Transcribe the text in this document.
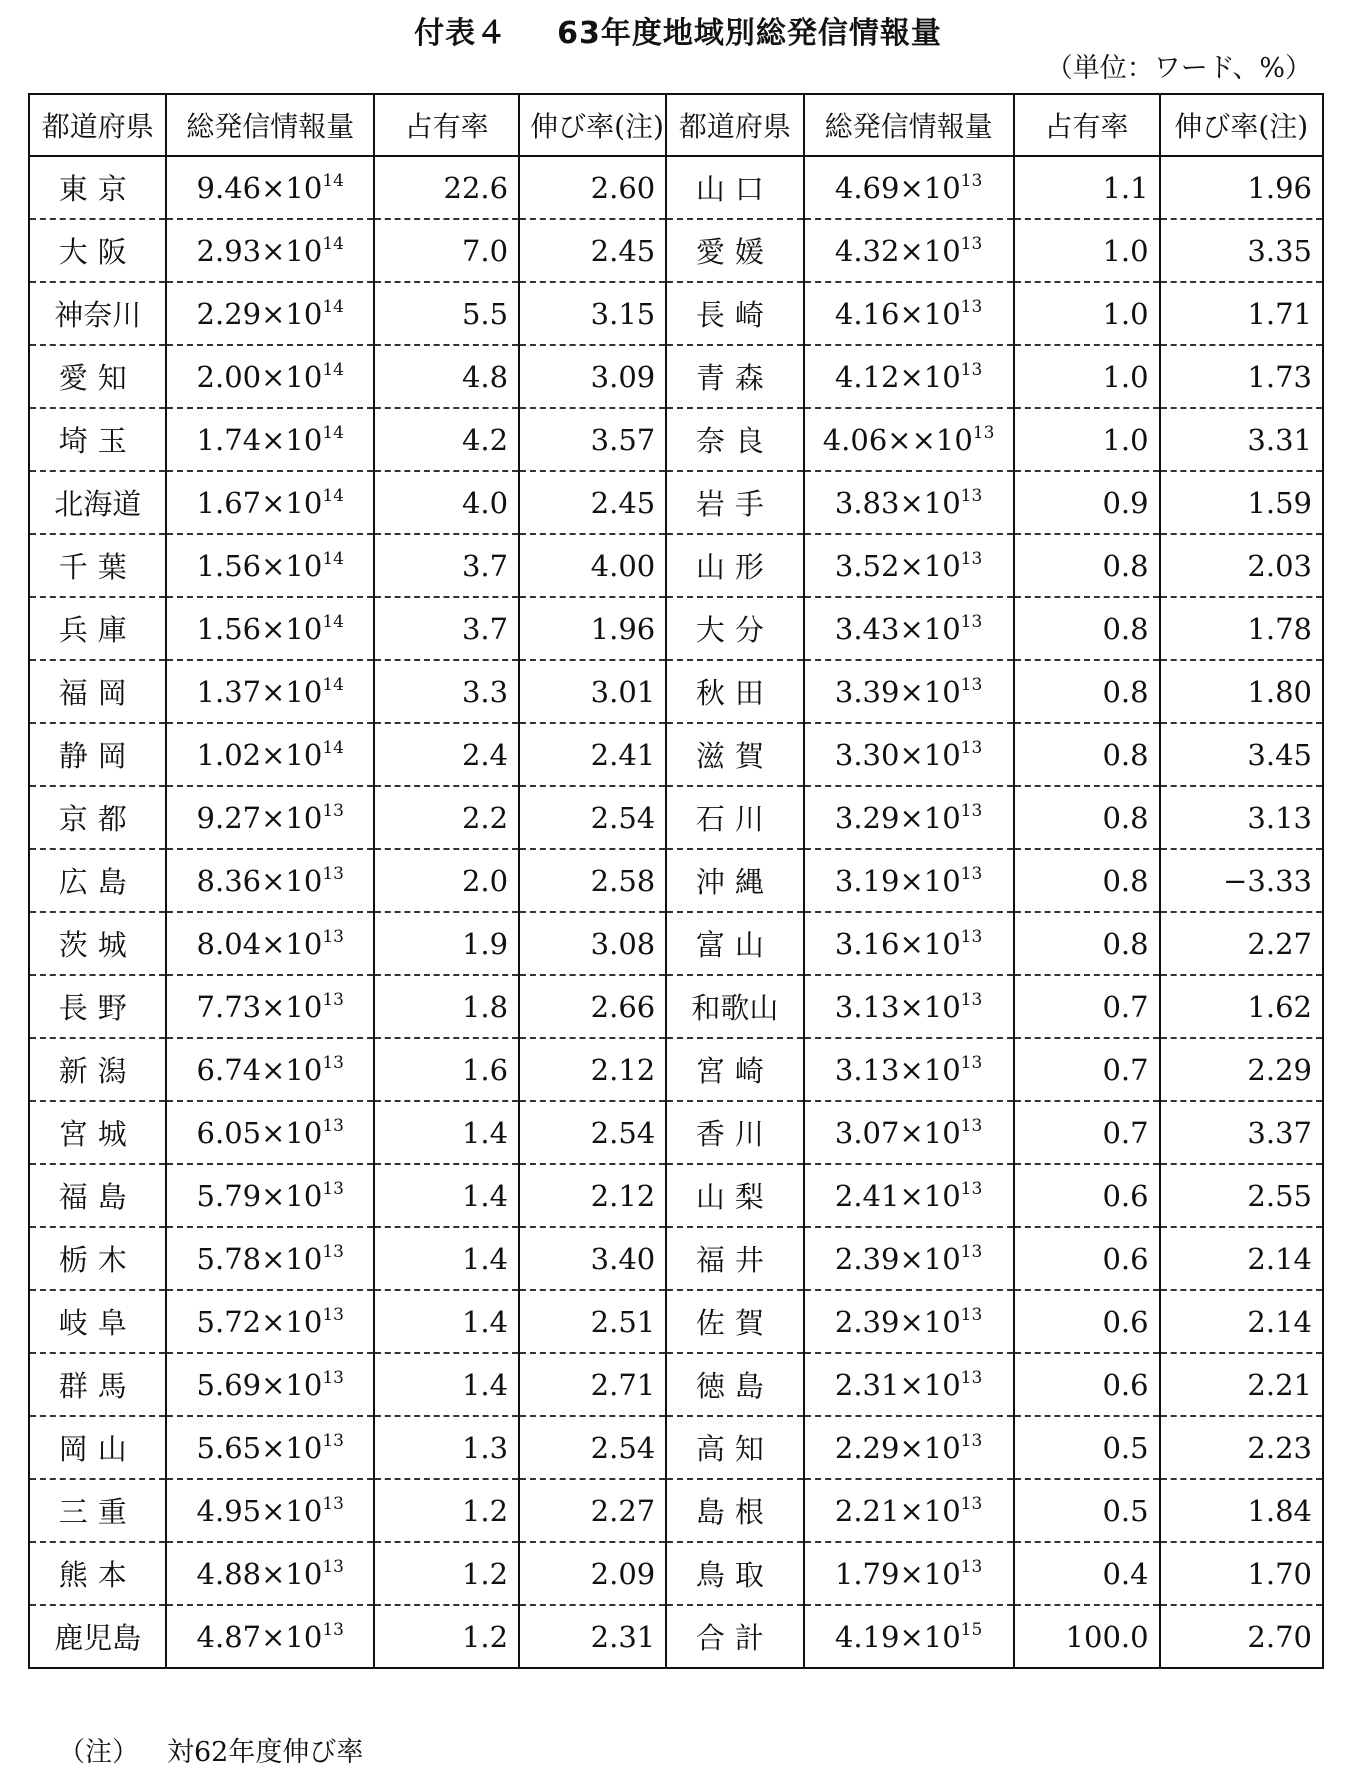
付表４ 63年度地域別総発信情報量
（単位：ワード、%）
都道府県	総発信情報量	占有率	伸び率(注)	都道府県	総発信情報量	占有率	伸び率(注)
東京	$9.46\times 10^{14}$	22.6	2.60	山口	$4.69\times 10^{13}$	1.1	1.96
大阪	$2.93\times 10^{14}$	7.0	2.45	愛媛	$4.32\times 10^{13}$	1.0	3.35
神奈川	$2.29\times 10^{14}$	5.5	3.15	長崎	$4.16\times 10^{13}$	1.0	1.71
愛知	$2.00\times 10^{14}$	4.8	3.09	青森	$4.12\times 10^{13}$	1.0	1.73
埼玉	$1.74\times 10^{14}$	4.2	3.57	奈良	$4.06\times\times 10^{13}$	1.0	3.31
北海道	$1.67\times 10^{14}$	4.0	2.45	岩手	$3.83\times 10^{13}$	0.9	1.59
千葉	$1.56\times 10^{14}$	3.7	4.00	山形	$3.52\times 10^{13}$	0.8	2.03
兵庫	$1.56\times 10^{14}$	3.7	1.96	大分	$3.43\times 10^{13}$	0.8	1.78
福岡	$1.37\times 10^{14}$	3.3	3.01	秋田	$3.39\times 10^{13}$	0.8	1.80
静岡	$1.02\times 10^{14}$	2.4	2.41	滋賀	$3.30\times 10^{13}$	0.8	3.45
京都	$9.27\times 10^{13}$	2.2	2.54	石川	$3.29\times 10^{13}$	0.8	3.13
広島	$8.36\times 10^{13}$	2.0	2.58	沖縄	$3.19\times 10^{13}$	0.8	−3.33
茨城	$8.04\times 10^{13}$	1.9	3.08	富山	$3.16\times 10^{13}$	0.8	2.27
長野	$7.73\times 10^{13}$	1.8	2.66	和歌山	$3.13\times 10^{13}$	0.7	1.62
新潟	$6.74\times 10^{13}$	1.6	2.12	宮崎	$3.13\times 10^{13}$	0.7	2.29
宮城	$6.05\times 10^{13}$	1.4	2.54	香川	$3.07\times 10^{13}$	0.7	3.37
福島	$5.79\times 10^{13}$	1.4	2.12	山梨	$2.41\times 10^{13}$	0.6	2.55
栃木	$5.78\times 10^{13}$	1.4	3.40	福井	$2.39\times 10^{13}$	0.6	2.14
岐阜	$5.72\times 10^{13}$	1.4	2.51	佐賀	$2.39\times 10^{13}$	0.6	2.14
群馬	$5.69\times 10^{13}$	1.4	2.71	徳島	$2.31\times 10^{13}$	0.6	2.21
岡山	$5.65\times 10^{13}$	1.3	2.54	高知	$2.29\times 10^{13}$	0.5	2.23
三重	$4.95\times 10^{13}$	1.2	2.27	島根	$2.21\times 10^{13}$	0.5	1.84
熊本	$4.88\times 10^{13}$	1.2	2.09	鳥取	$1.79\times 10^{13}$	0.4	1.70
鹿児島	$4.87\times 10^{13}$	1.2	2.31	合計	$4.19\times 10^{15}$	100.0	2.70
（注） 対62年度伸び率
